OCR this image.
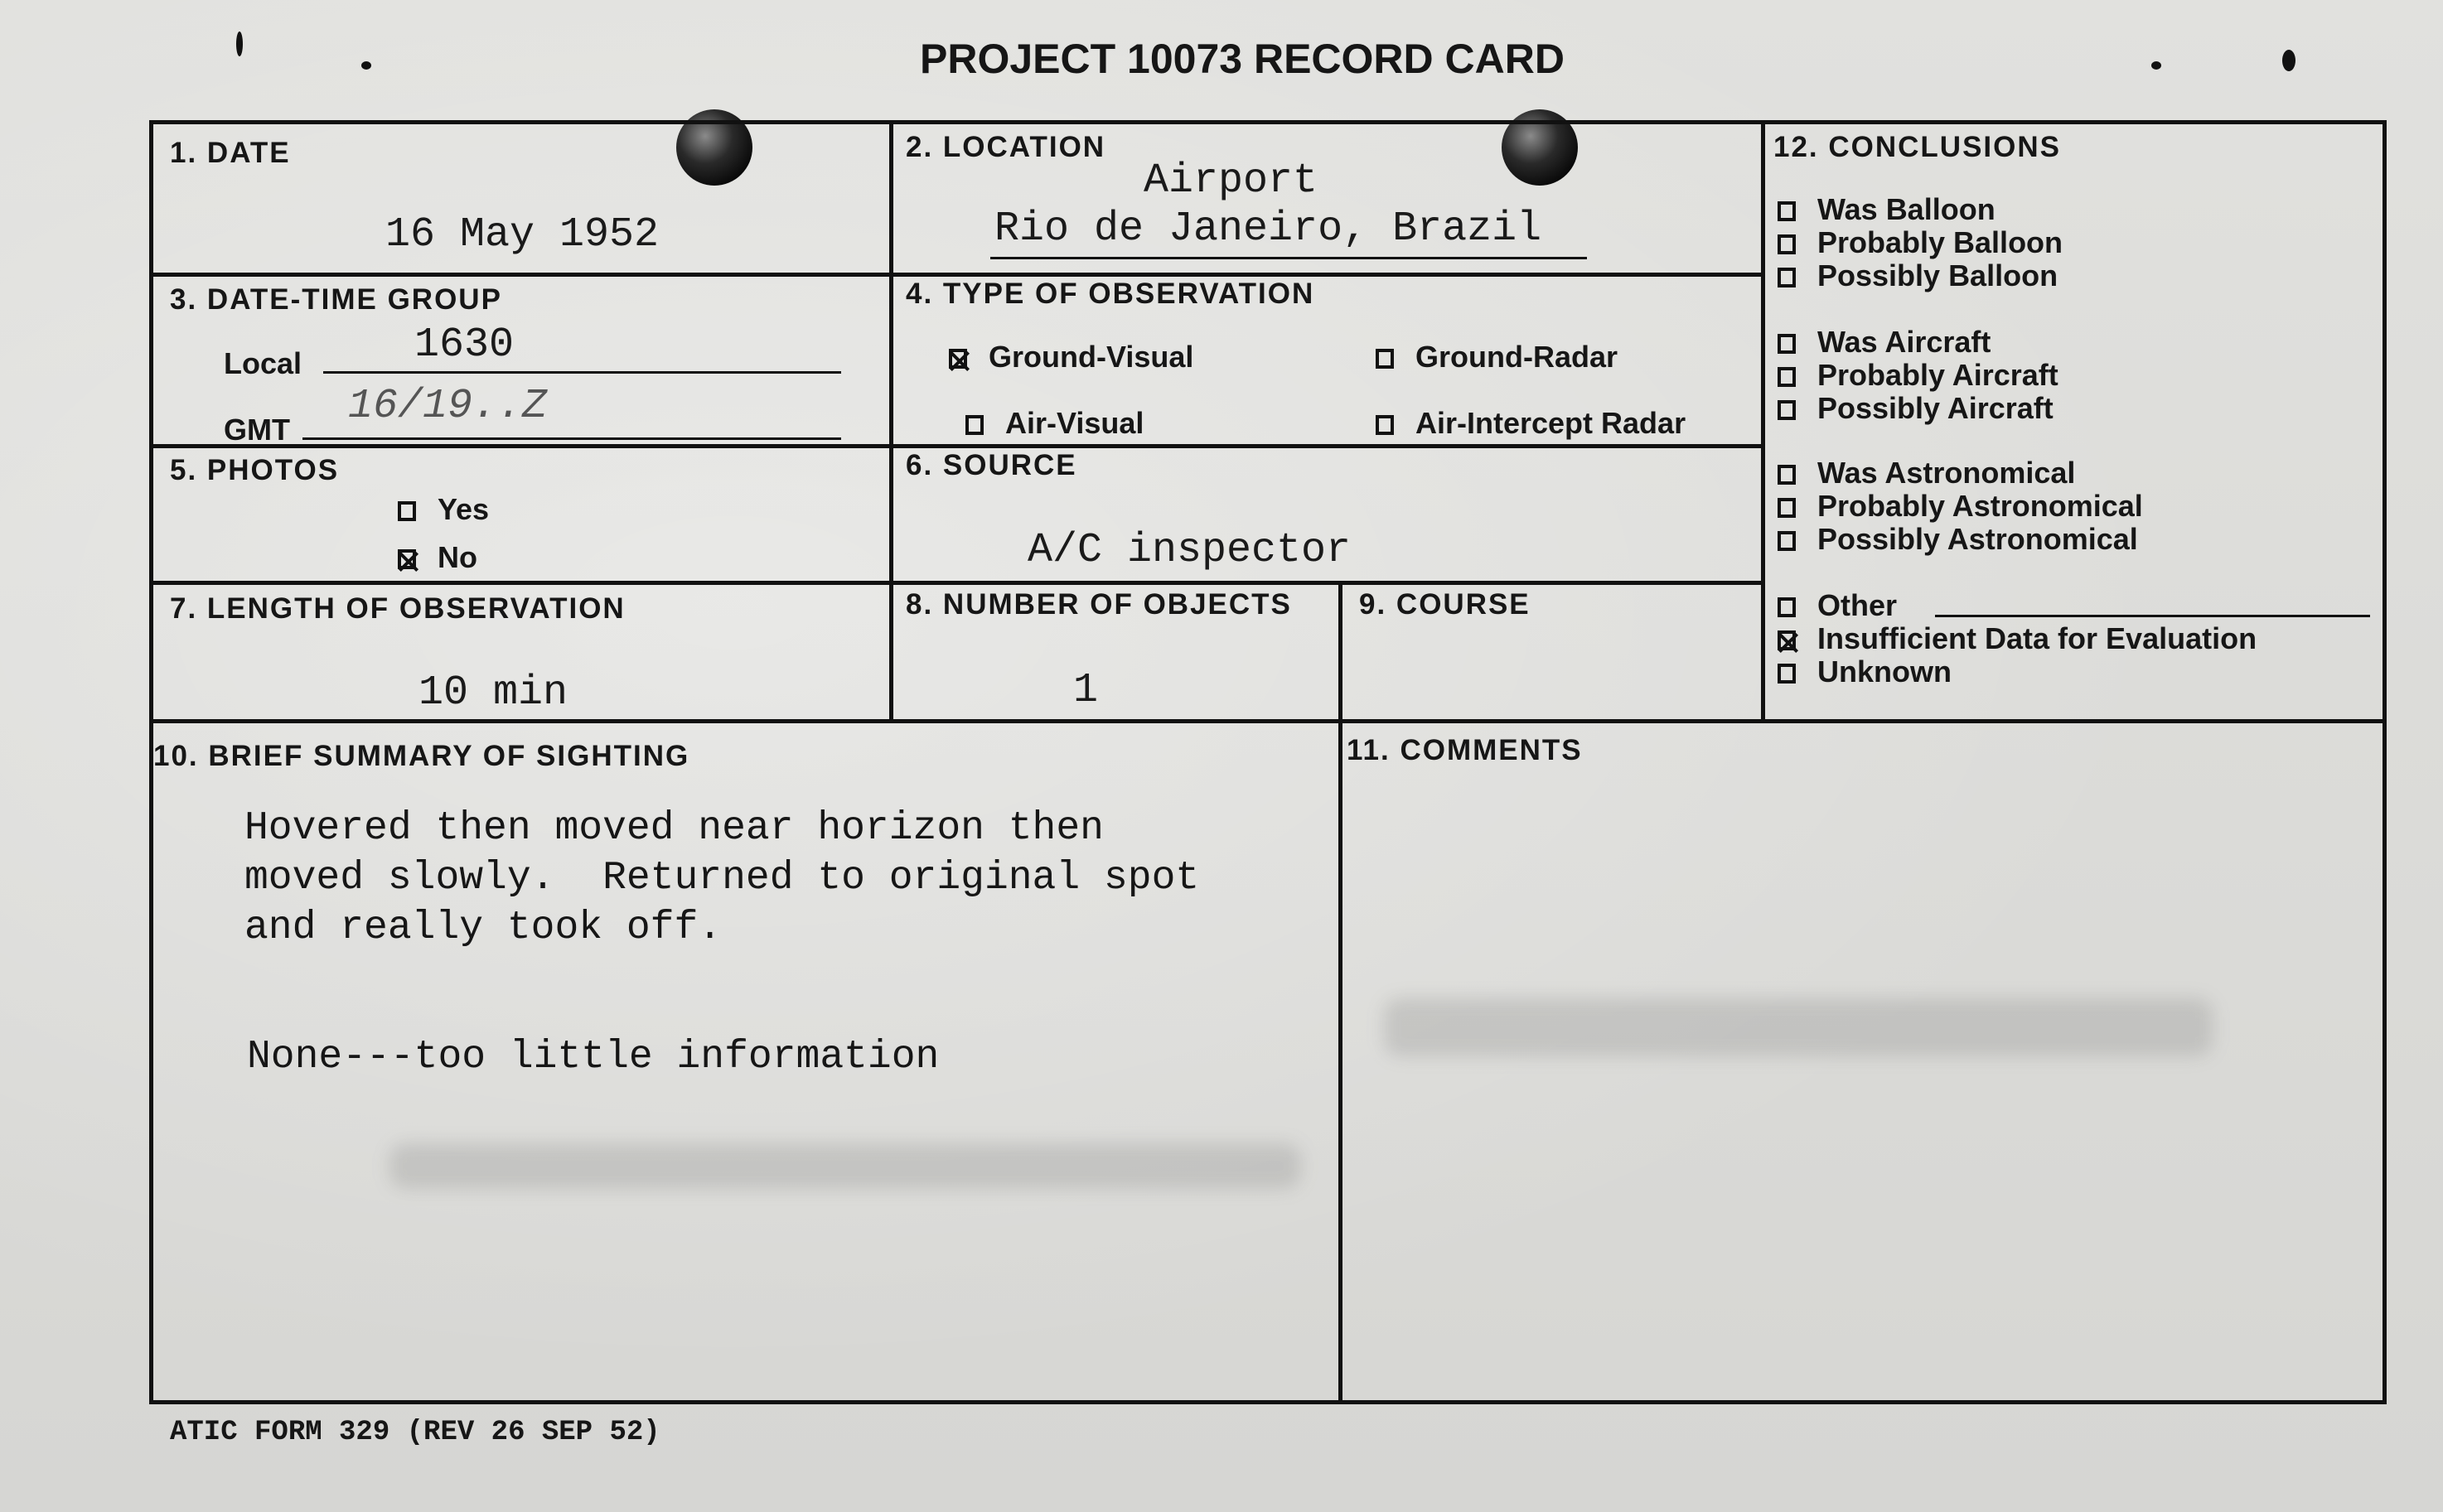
PROJECT 10073 RECORD CARD
1. DATE
16 May 1952
2. LOCATION
Airport
Rio de Janeiro, Brazil
12. CONCLUSIONS
Was Balloon
Probably Balloon
Possibly Balloon
Was Aircraft
Probably Aircraft
Possibly Aircraft
Was Astronomical
Probably Astronomical
Possibly Astronomical
Other
Insufficient Data for Evaluation
Unknown
3. DATE-TIME GROUP
Local	1630
GMT 16/19..Z
4. TYPE OF OBSERVATION
Ground-Visual	Ground-Radar
Air-Visual	Air-Intercept Radar
5. PHOTOS
Yes
No
6. SOURCE
A/C inspector
7. LENGTH OF OBSERVATION
10 min
8. NUMBER OF OBJECTS
1
9. COURSE
10. BRIEF SUMMARY OF SIGHTING
Hovered then moved near horizon then
moved slowly.  Returned to original spot
and really took off.
None---too little information
11. COMMENTS
ATIC FORM 329 (REV 26 SEP 52)
